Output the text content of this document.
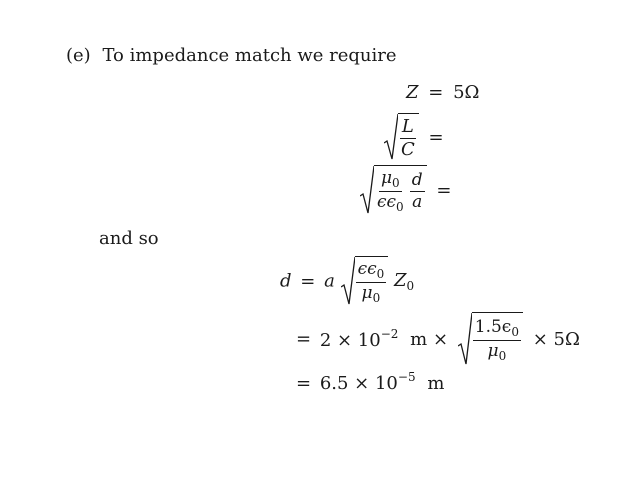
(e) To impedance match we require
Z = 5Ω
$\frac{L}{C}$ =
$\frac{\mu_0}{\epsilon\epsilon_0} \frac{d}{a}$ =
and so
d = a $\frac{\epsilon\epsilon_0}{\mu_0} Z_0$
= $2 \times 10^{-2}$ $m \times \frac{1.5\epsilon_0}{\mu_0} \times 5\Omega$
= $6.5 \times 10^{-5}$ m
